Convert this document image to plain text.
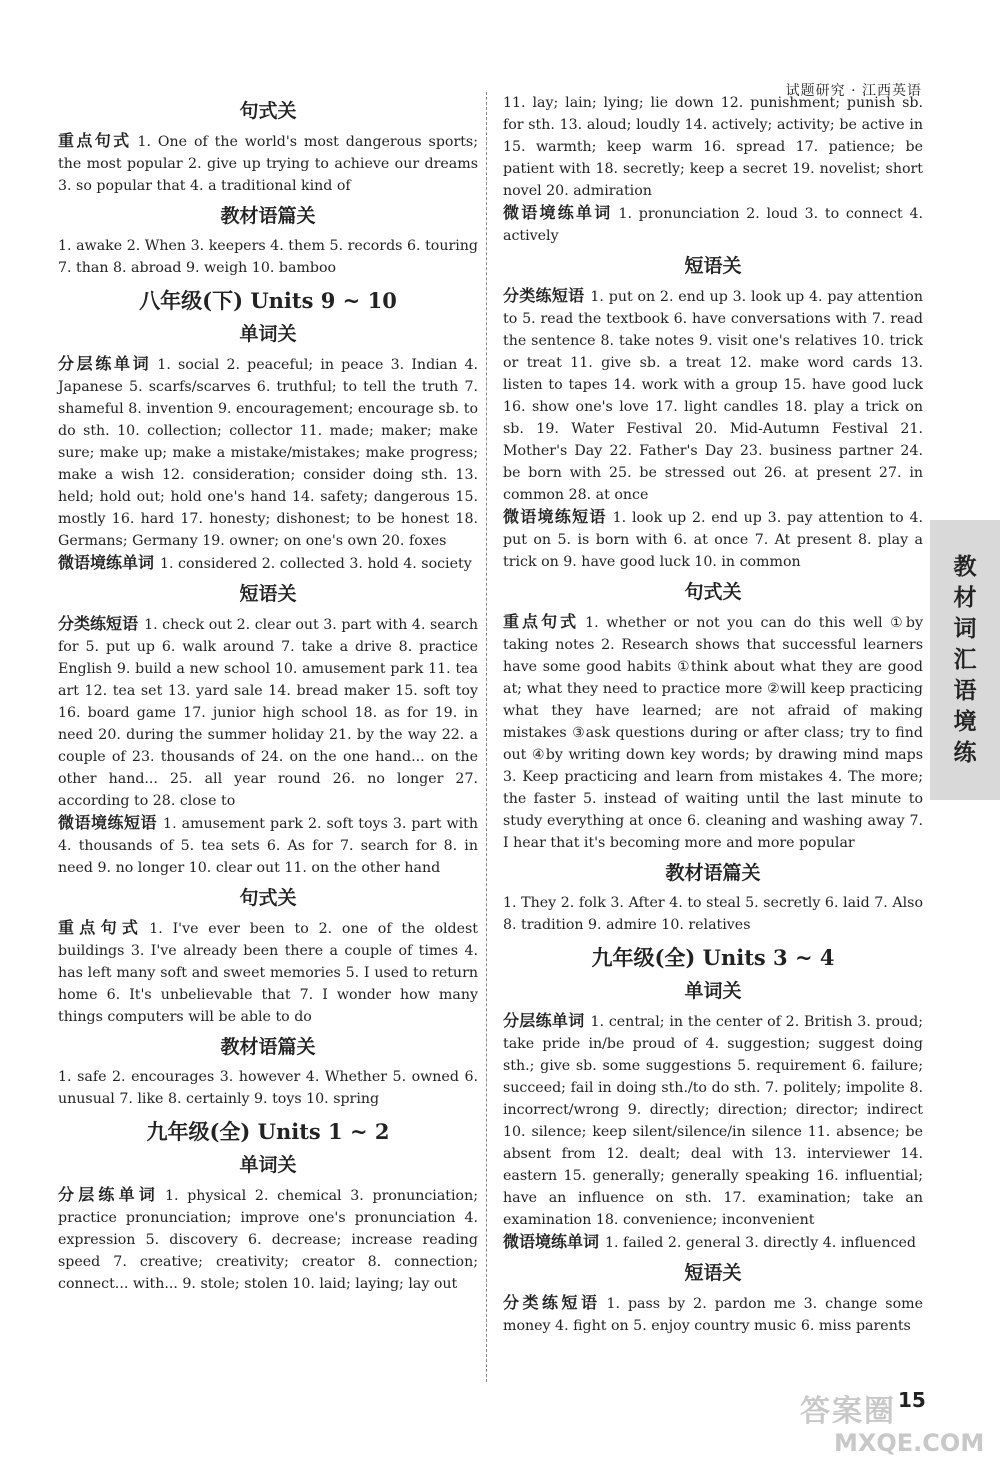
试题研究 · 江西英语
句式关

重点句式 1. One of the world's most dangerous sports; the most popular 2. give up trying to achieve our dreams 3. so popular that 4. a traditional kind of

教材语篇关

1. awake 2. When 3. keepers 4. them 5. records 6. touring 7. than 8. abroad 9. weigh 10. bamboo

八年级(下) Units 9 ~ 10
单词关

分层练单词 1. social 2. peaceful; in peace 3. Indian 4. Japanese 5. scarfs/scarves 6. truthful; to tell the truth 7. shameful 8. invention 9. encouragement; encourage sb. to do sth. 10. collection; collector 11. made; maker; make sure; make up; make a mistake/mistakes; make progress; make a wish 12. consideration; consider doing sth. 13. held; hold out; hold one's hand 14. safety; dangerous 15. mostly 16. hard 17. honesty; dishonest; to be honest 18. Germans; Germany 19. owner; on one's own 20. foxes

微语境练单词 1. considered 2. collected 3. hold 4. society

短语关

分类练短语 1. check out 2. clear out 3. part with 4. search for 5. put up 6. walk around 7. take a drive 8. practice English 9. build a new school 10. amusement park 11. tea art 12. tea set 13. yard sale 14. bread maker 15. soft toy 16. board game 17. junior high school 18. as for 19. in need 20. during the summer holiday 21. by the way 22. a couple of 23. thousands of 24. on the one hand... on the other hand... 25. all year round 26. no longer 27. according to 28. close to

微语境练短语 1. amusement park 2. soft toys 3. part with 4. thousands of 5. tea sets 6. As for 7. search for 8. in need 9. no longer 10. clear out 11. on the other hand

句式关

重点句式 1. I've ever been to 2. one of the oldest buildings 3. I've already been there a couple of times 4. has left many soft and sweet memories 5. I used to return home 6. It's unbelievable that 7. I wonder how many things computers will be able to do

教材语篇关

1. safe 2. encourages 3. however 4. Whether 5. owned 6. unusual 7. like 8. certainly 9. toys 10. spring

九年级(全) Units 1 ~ 2
单词关

分层练单词 1. physical 2. chemical 3. pronunciation; practice pronunciation; improve one's pronunciation 4. expression 5. discovery 6. decrease; increase reading speed 7. creative; creativity; creator 8. connection; connect... with... 9. stole; stolen 10. laid; laying; lay out

11. lay; lain; lying; lie down 12. punishment; punish sb. for sth. 13. aloud; loudly 14. actively; activity; be active in 15. warmth; keep warm 16. spread 17. patience; be patient with 18. secretly; keep a secret 19. novelist; short novel 20. admiration

微语境练单词 1. pronunciation 2. loud 3. to connect 4. actively

短语关

分类练短语 1. put on 2. end up 3. look up 4. pay attention to 5. read the textbook 6. have conversations with 7. read the sentence 8. take notes 9. visit one's relatives 10. trick or treat 11. give sb. a treat 12. make word cards 13. listen to tapes 14. work with a group 15. have good luck 16. show one's love 17. light candles 18. play a trick on sb. 19. Water Festival 20. Mid-Autumn Festival 21. Mother's Day 22. Father's Day 23. business partner 24. be born with 25. be stressed out 26. at present 27. in common 28. at once

微语境练短语 1. look up 2. end up 3. pay attention to 4. put on 5. is born with 6. at once 7. At present 8. play a trick on 9. have good luck 10. in common

句式关

重点句式 1. whether or not you can do this well ①by taking notes 2. Research shows that successful learners have some good habits ①think about what they are good at; what they need to practice more ②will keep practicing what they have learned; are not afraid of making mistakes ③ask questions during or after class; try to find out ④by writing down key words; by drawing mind maps 3. Keep practicing and learn from mistakes 4. The more; the faster 5. instead of waiting until the last minute to study everything at once 6. cleaning and washing away 7. I hear that it's becoming more and more popular

教材语篇关

1. They 2. folk 3. After 4. to steal 5. secretly 6. laid 7. Also 8. tradition 9. admire 10. relatives

九年级(全) Units 3 ~ 4
单词关

分层练单词 1. central; in the center of 2. British 3. proud; take pride in/be proud of 4. suggestion; suggest doing sth.; give sb. some suggestions 5. requirement 6. failure; succeed; fail in doing sth./to do sth. 7. politely; impolite 8. incorrect/wrong 9. directly; direction; director; indirect 10. silence; keep silent/silence/in silence 11. absence; be absent from 12. dealt; deal with 13. interviewer 14. eastern 15. generally; generally speaking 16. influential; have an influence on sth. 17. examination; take an examination 18. convenience; inconvenient

微语境练单词 1. failed 2. general 3. directly 4. influenced

短语关

分类练短语 1. pass by 2. pardon me 3. change some money 4. fight on 5. enjoy country music 6. miss parents

教材词汇语境练
15
答案圈
MXQE.COM
